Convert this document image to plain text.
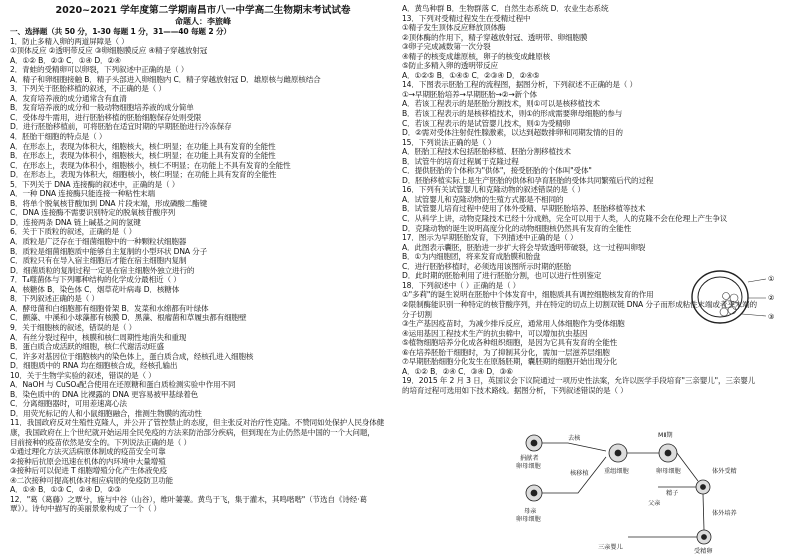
2020~2021 学年度第二学期南昌市八一中学高二生物期末考试试卷
命题人：李旅峰
一、选择题（共 50 分，1-30 每题 1 分，31——40 每题 2 分）
1．防止多精入卵的两道屏障是（ ）
①顶体反应 ②透明带反应 ③卵细胞膜反应 ④精子穿越放射冠
A．①② B．②③ C．①④ D．②④
2．青蛙的受精卵可以卵裂，下列叙述中正确的是（ ）
A．精子和卵细胞接触 B．精子头部进入卵细胞内 C．精子穿越放射冠 D．雄原核与雌原核结合
3．下列关于胚胎移植的叙述，不正确的是（ ）
A．发育培养液的成分通常含有血清
B．发育培养液的成分和一般动物细胞培养液的成分简单
C．受体母牛需用，进行胚胎移植的胚胎细胞保存处则受限
D．进行胚胎移植前，可将胚胎在适宜时期的早期胚胎进行冷冻保存
4．胚胎干细胞的特点是（ ）
A．在形态上，表现为体积大，细胞核大，核仁明显；在功能上具有发育的全能性
B．在形态上，表现为体积小，细胞核大，核仁明显；在功能上具有发育的全能性
C．在形态上，表现为体积小，细胞核小，核仁不明显；在功能上不具有发育的全能性
D．在形态上，表现为体积大，细胞核小，核仁明显；在功能上具有发育的全能性
5．下列关于 DNA 连接酶的叙述中，正确的是（ ）
A．一种 DNA 连接酶只能连接一种粘性末端
B．将单个脱氧核苷酸加到 DNA 片段末端，形成磷酸二酯键
C．DNA 连接酶不需要识别特定的脱氧核苷酸序列
D．连接两条 DNA 链上碱基之间的氢键
6．关于下质粒的叙述，正确的是（ ）
A．质粒是广泛存在于细菌细胞中的一种颗粒状细胞器
B．质粒是细菌细胞质中能够自主复制的小型环状 DNA 分子
C．质粒只有在导入宿主细胞后才能在宿主细胞内复制
D．细菌质粒的复制过程一定是在宿主细胞外独立进行的
7．T₄噬菌体与下列哪种结构的化学成分最相近（ ）
A．核糖体 B．染色体 C．烟草花叶病毒 D．核糖体
8．下列叙述正确的是（ ）
A．酵母菌和白细胞都有细胞骨架 B．发菜和水绵都有叶绿体
C．颤藻、中溪和小球藻都有核膜 D．黑藻、根瘤菌和草履虫都有细胞壁
9．关于细胞核的叙述，错误的是（ ）
A．有丝分裂过程中，核膜和核仁周期性地消失和重现
B．蛋白质合成活跃的细胞，核仁代谢活动旺盛
C．许多对基因位于细胞核内的染色体上，蛋白质合成，经核孔进入细胞核
D．细胞质中的 RNA 均在细胞核合成，经核孔输出
10．关于生物学实验的叙述，错误的是（ ）
A．NaOH 与 CuSO₄配合使用在还原糖和蛋白质检测实验中作用不同
B．染色质中的 DNA 比裸露的 DNA 更容易被甲基绿着色
C．分离细胞器时，可用差速离心法
D．用荧光标记的人和小鼠细胞融合，推测生物膜的流动性
11．我国政府反对生殖性克隆人，并公开了管控禁止的态度，但主张反对治疗性克隆。不赞同如处保护人民身体健
康，我国政府在上个世纪就开始运用全民免疫的方法来防治部分疾病，但到现在为止仍然是中国的一个大问题，
目前接种的疫苗依然是安全的。下列说法正确的是（ ）
①通过理化方法灭活病原体制成的疫苗安全可靠
②接种后抗原会迅速在机体的内环境中大量增殖
③接种后可以促进 T 细胞增殖分化产生体液免疫
④二次接种可提高机体对相应病原的免疫防卫功能
A．①④ B．①③ C．②④ D．②③
12．"葛（葛藤）之覃兮，施与中谷（山谷），维叶萋萋。黄鸟于飞，集于灌木，其鸣喈喈"（节选自《诗经·葛
覃》）。诗句中描写的美丽景象构成了一个（ ）
A．黄鸟种群 B．生物群落 C．自然生态系统 D．农业生态系统
13．下列对受精过程发生在受精过程中
①精子发生顶体反应释放顶体酶
②顶体酶的作用下，精子穿越放射冠、透明带、卵细胞膜
③卵子完成减数第一次分裂
④精子的核变成雄原核，卵子的核变成雌原核
⑤防止多精入卵的透明带反应
A．①②⑤ B．①④⑤ C．②③④ D．②④⑤
14．下图表示胚胎工程的流程图，据图分析，下列叙述不正确的是（ ）
①→早期胚胎培养→早期胚胎→②→新个体
A．若该工程表示的是胚胎分割技术，则①可以是核移植技术
B．若该工程表示的是核移植技术，则①的形成需要卵母细胞的参与
C．若该工程表示的是试管婴儿技术，则①为受精卵
D．②需对受体注射促性腺激素，以达到超数排卵和同期发情的目的
15．下列说法正确的是（ ）
A．胚胎工程技术包括胚胎移植、胚胎分割移植技术
B．试管牛的培育过程属于克隆过程
C．提供胚胎的个体称为"供体"，接受胚胎的个体叫"受体"
D．胚胎移植实际上是生产胚胎的供体和孕育胚胎的受体共同繁殖后代的过程
16．下列有关试管婴儿和克隆动物的叙述错误的是（ ）
A．试管婴儿和克隆动物的生殖方式都是不相同的
B．试管婴儿培育过程中使用了体外受精、早期胚胎培养、胚胎移植等技术
C．从科学上讲，动物克隆技术已经十分成熟，完全可以用于人类，人的克隆不会在伦理上产生争议
D．克隆动物的诞生说明高度分化的动物细胞核仍然具有发育的全能性
17．图示为早期胚胎发育，下列描述中正确的是（ ）
A．此图表示囊胚，胚胎进一步扩大将会导致透明带破裂，这一过程叫卵裂
B．①为内细胞团，将来发育成胎膜和胎盘
C．进行胚胎移植时，必须选用该图所示时期的胚胎
D．此时期的胚胎利用了进行胚胎分割，也可以进行性别鉴定
18．下列叙述中（ ）正确的是（ ）
①"多莉"的诞生说明在胚胎中个体发育中，细胞质具有调控细胞核发育的作用
②限制酶能识别一种特定的核苷酸序列，并在特定的切点上切割双链 DNA 分子而形成粘性末端或者平末端的
分子切割
③生产基因疫苗时，为减少排斥反应，通常用人体细胞作为受体细胞
④运用基因工程技术生产的抗虫棉中，可以增加抗虫基因
⑤植物细胞培养分化成各种组织细胞，是因为它具有发育的全能性
⑥在培养胚胎干细胞时，为了抑制其分化，需加一层滋养层细胞
⑦早期胚胎细胞分化发生在原肠胚期，囊胚期的细胞开始出现分化
A．①② B．②④ C．③④ D．③⑥
19．2015 年 2 月 3 日，英国议会下议院通过一项历史性法案，允许以医学手段培育"三亲婴儿"，三亲婴儿
的培育过程可选用如下技术路线。据图分析，下列叙述错误的是（ ）
①
②
③
去核
捐献者
卵母细胞
母亲
卵母细胞
核移植 重组细胞
MⅡ期
卵母细胞	体外受精
精子
父亲
体外培养
三亲婴儿
受精卵
